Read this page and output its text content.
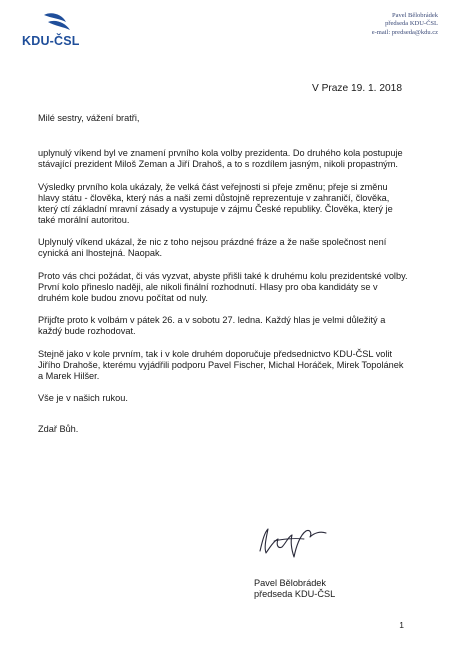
KDU-ČSL
Pavel Bělobrádek
předseda KDU-ČSL
e-mail: predseda@kdu.cz
V Praze 19. 1. 2018

Milé sestry, vážení bratři,

uplynulý víkend byl ve znamení prvního kola volby prezidenta. Do druhého kola postupuje stávající prezident Miloš Zeman a Jiří Drahoš, a to s rozdílem jasným, nikoli propastným.

Výsledky prvního kola ukázaly, že velká část veřejnosti si přeje změnu; přeje si změnu hlavy státu - člověka, který nás a naši zemi důstojně reprezentuje v zahraničí, člověka, který ctí základní mravní zásady a vystupuje v zájmu České republiky. Člověka, který je také morální autoritou.

Uplynulý víkend ukázal, že nic z toho nejsou prázdné fráze a že naše společnost není cynická ani lhostejná. Naopak.

Proto vás chci požádat, či vás vyzvat, abyste přišli také k druhému kolu prezidentské volby. První kolo přineslo naději, ale nikoli finální rozhodnutí. Hlasy pro oba kandidáty se v druhém kole budou znovu počítat od nuly.

Přijďte proto k volbám v pátek 26. a v sobotu 27. ledna. Každý hlas je velmi důležitý a každý bude rozhodovat.

Stejně jako v kole prvním, tak i v kole druhém doporučuje předsednictvo KDU-ČSL volit Jiřího Drahoše, kterému vyjádřili podporu Pavel Fischer, Michal Horáček, Mirek Topolánek a Marek Hilšer.

Vše je v našich rukou.

Zdař Bůh.

Pavel Bělobrádek
předseda KDU-ČSL
1
